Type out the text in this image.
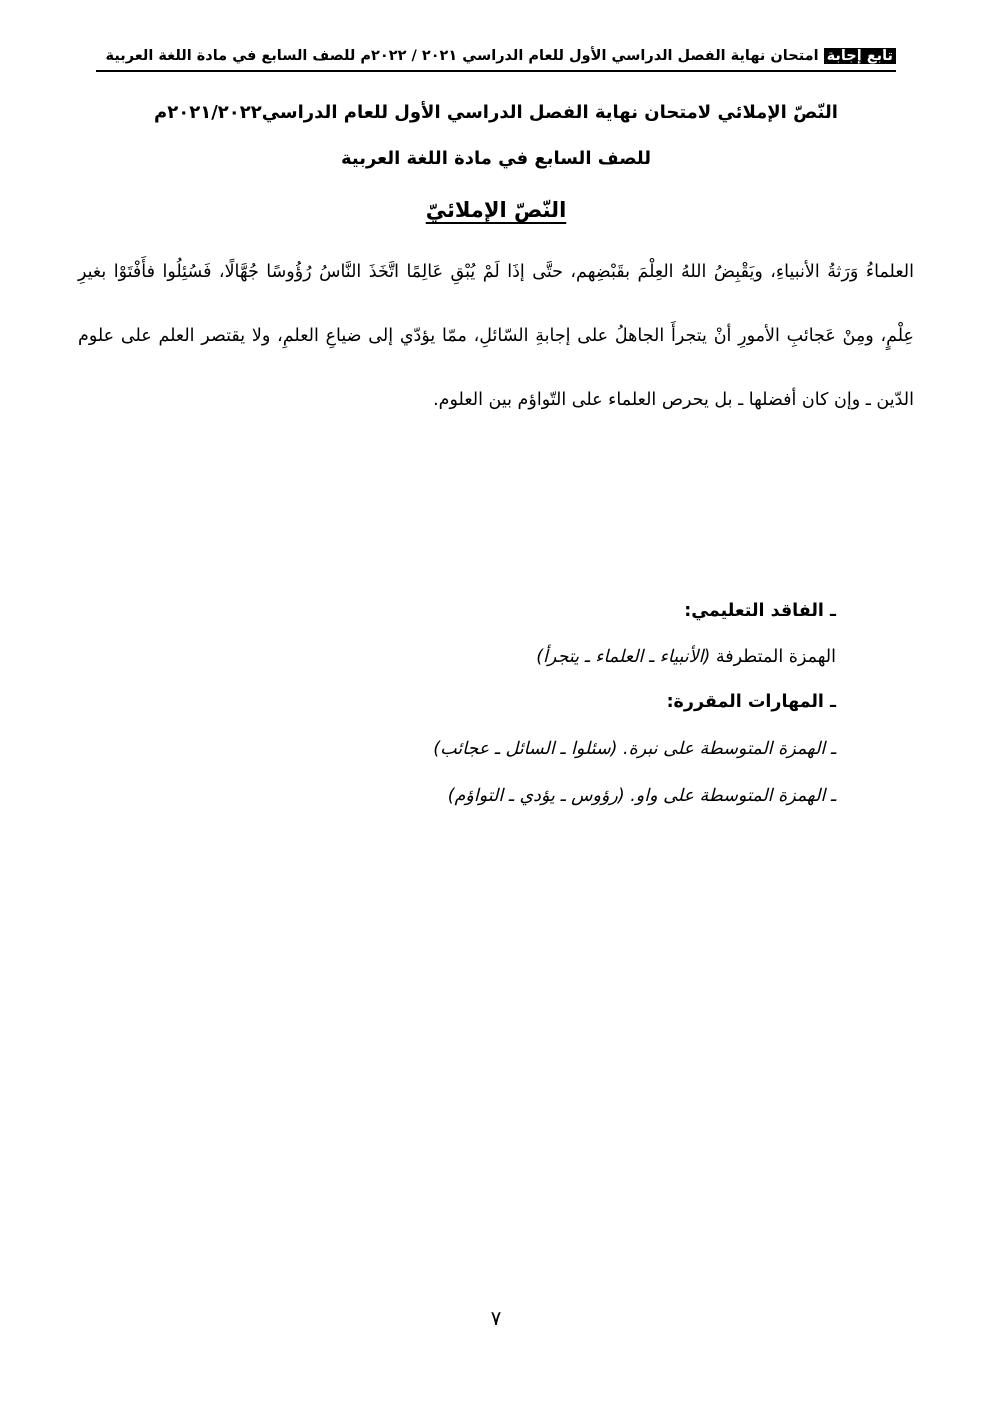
تابع إجابة امتحان نهاية الفصل الدراسي الأول للعام الدراسي ٢٠٢١ / ٢٠٢٢م للصف السابع في مادة اللغة العربية
النّصّ الإملائي لامتحان نهاية الفصل الدراسي الأول للعام الدراسي٢٠٢١/٢٠٢٢م
للصف السابع في مادة اللغة العربية
النّصّ الإملائيّ

العلماءُ وَرَثةُ الأنبياءِ، ويَقْبِضُ اللهُ العِلْمَ بقَبْضِهم، حتَّى إذَا لَمْ يُبْقِ عَالِمًا اتَّخَذَ النَّاسُ رُؤُوسًا جُهَّالًا، فَسُئِلُوا فأَفْتَوْا بغيرِ عِلْمٍ، ومِنْ عَجائبِ الأمورِ أنْ يتجرأَ الجاهلُ على إجابةِ السّائلِ، ممّا يؤدّي إلى ضياعِ العلمِ، ولا يقتصر العلم على علوم الدّين ـ وإن كان أفضلها ـ بل يحرص العلماء على التّواؤم بين العلوم.

ـ الفاقد التعليمي:
الهمزة المتطرفة (الأنبياء ـ العلماء ـ يتجرأ)
ـ المهارات المقررة:
ـ الهمزة المتوسطة على نبرة. (سئلوا ـ السائل ـ عجائب)
ـ الهمزة المتوسطة على واو. (رؤوس ـ يؤدي ـ التواؤم)
٧
